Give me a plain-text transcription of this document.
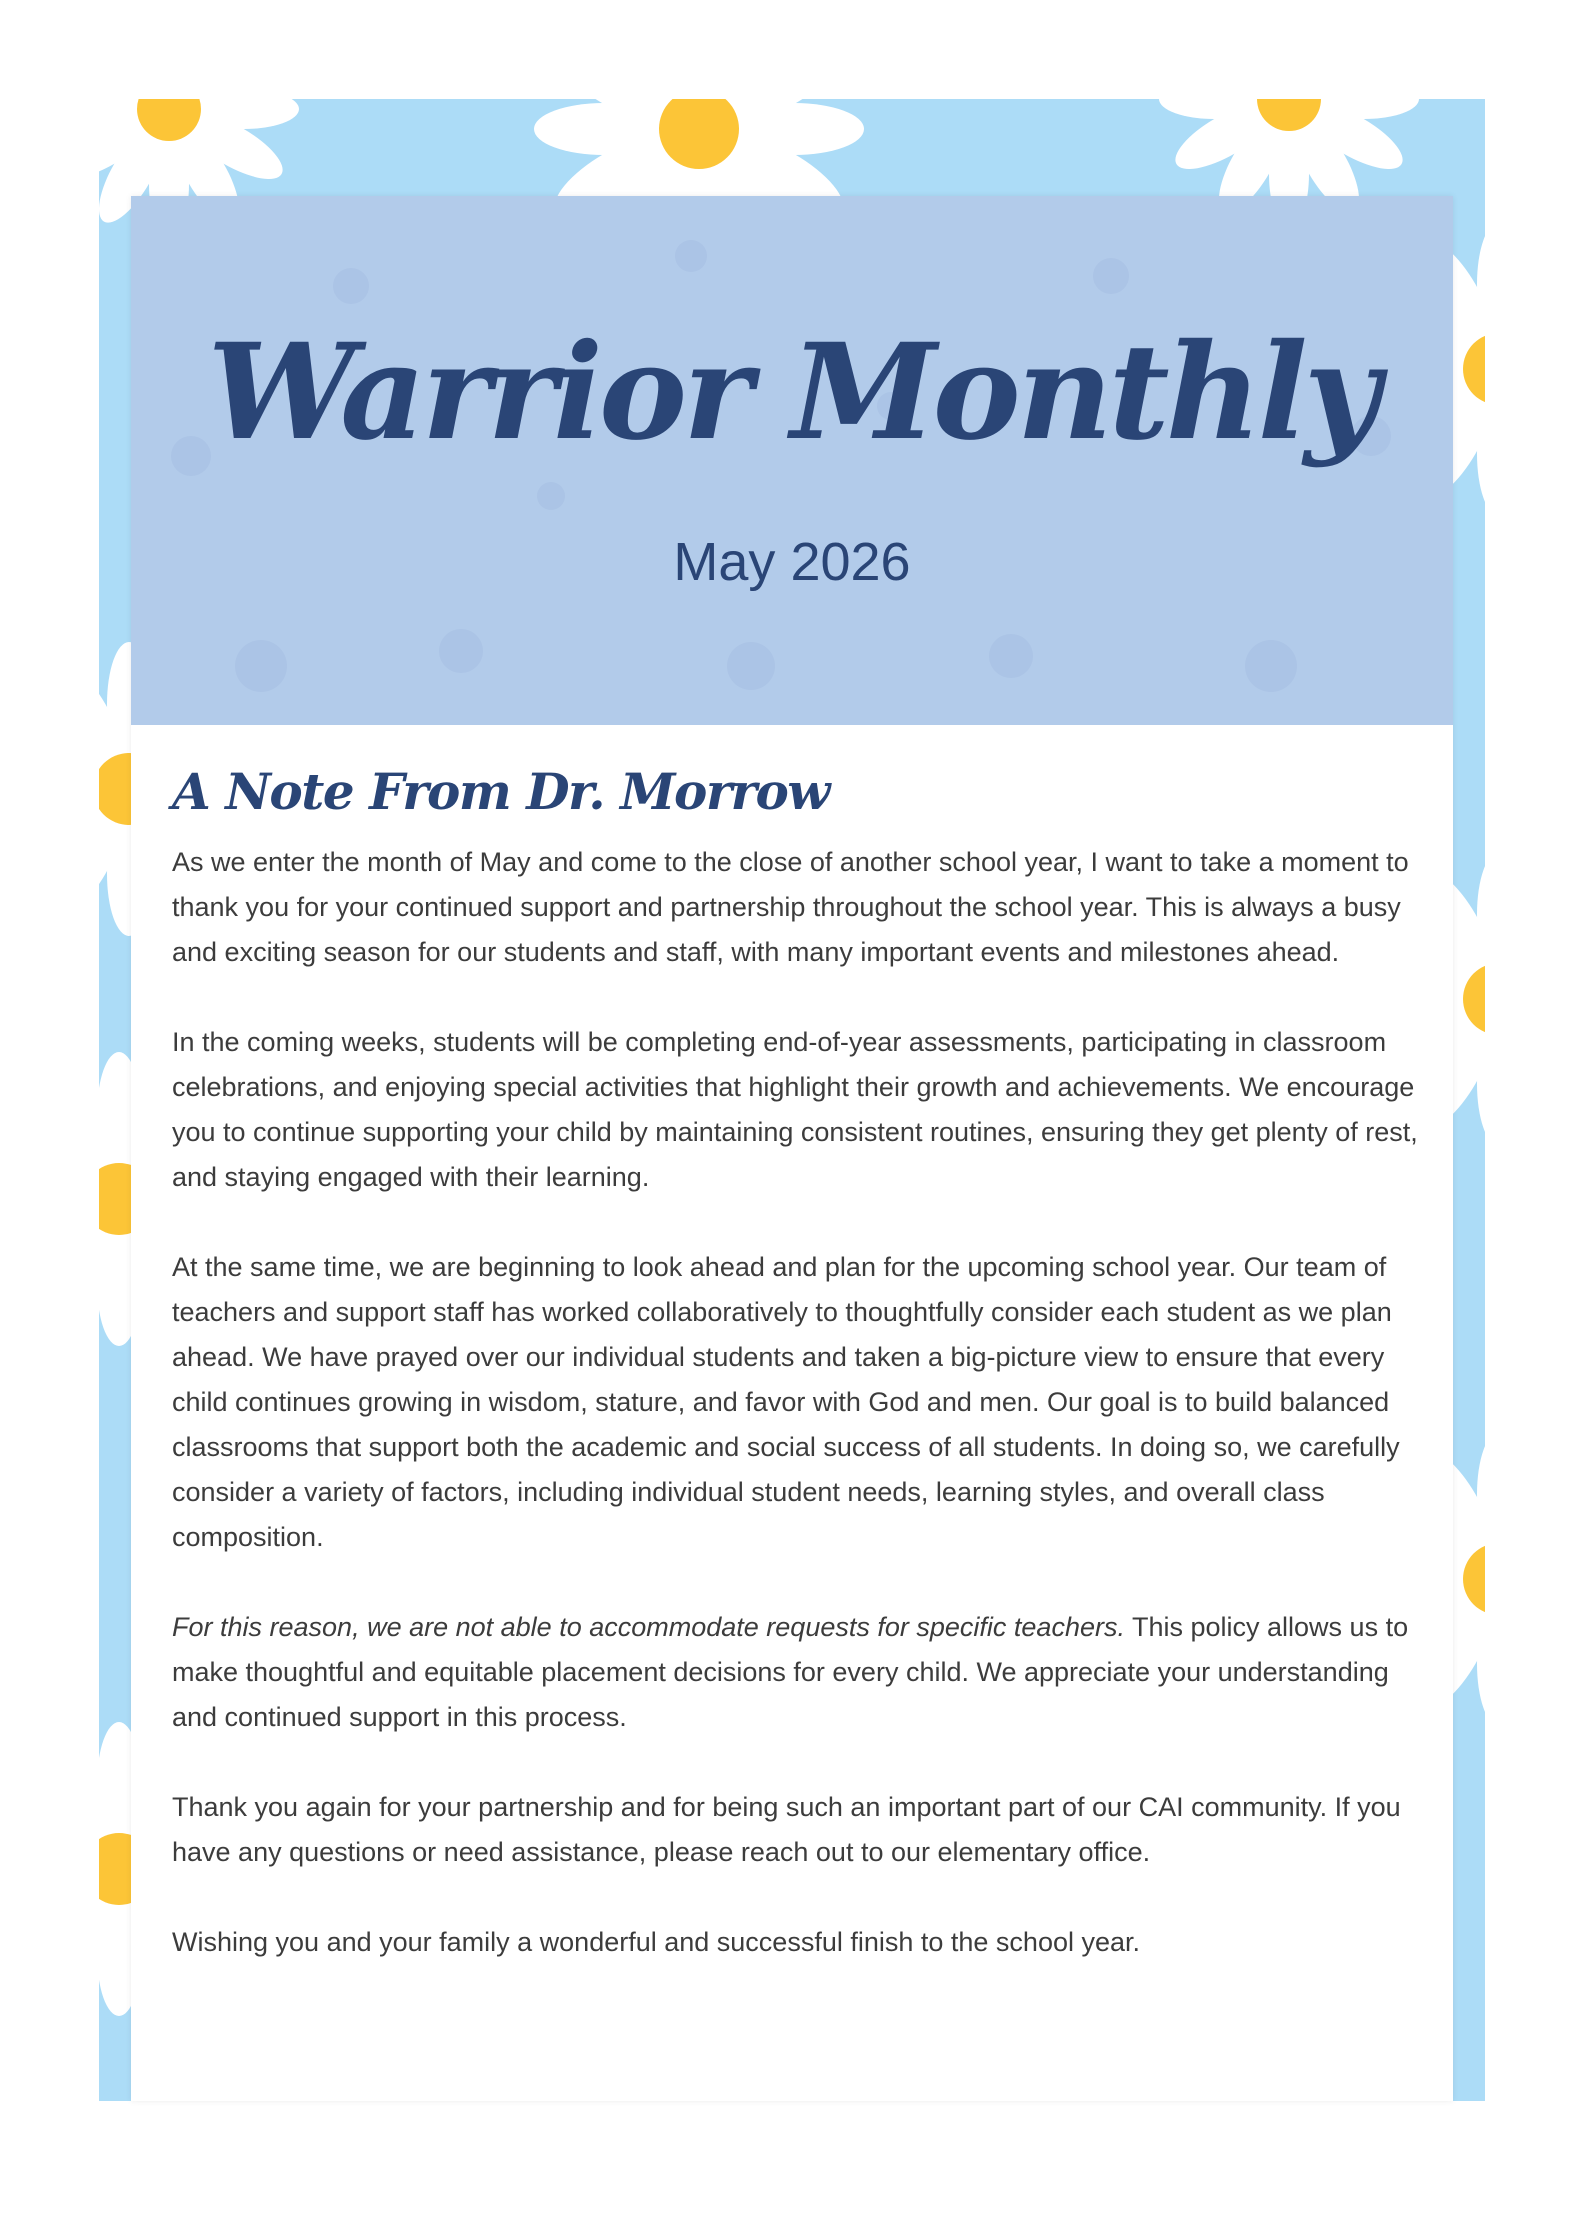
Warrior Monthly
May 2026
A Note From Dr. Morrow

As we enter the month of May and come to the close of another school year, I want to take a moment to thank you for your continued support and partnership throughout the school year. This is always a busy and exciting season for our students and staff, with many important events and milestones ahead.

In the coming weeks, students will be completing end-of-year assessments, participating in classroom celebrations, and enjoying special activities that highlight their growth and achievements. We encourage you to continue supporting your child by maintaining consistent routines, ensuring they get plenty of rest, and staying engaged with their learning.

At the same time, we are beginning to look ahead and plan for the upcoming school year. Our team of teachers and support staff has worked collaboratively to thoughtfully consider each student as we plan ahead. We have prayed over our individual students and taken a big-picture view to ensure that every child continues growing in wisdom, stature, and favor with God and men. Our goal is to build balanced classrooms that support both the academic and social success of all students. In doing so, we carefully consider a variety of factors, including individual student needs, learning styles, and overall class composition.

For this reason, we are not able to accommodate requests for specific teachers. This policy allows us to make thoughtful and equitable placement decisions for every child. We appreciate your understanding and continued support in this process.

Thank you again for your partnership and for being such an important part of our CAI community. If you have any questions or need assistance, please reach out to our elementary office.

Wishing you and your family a wonderful and successful finish to the school year.
